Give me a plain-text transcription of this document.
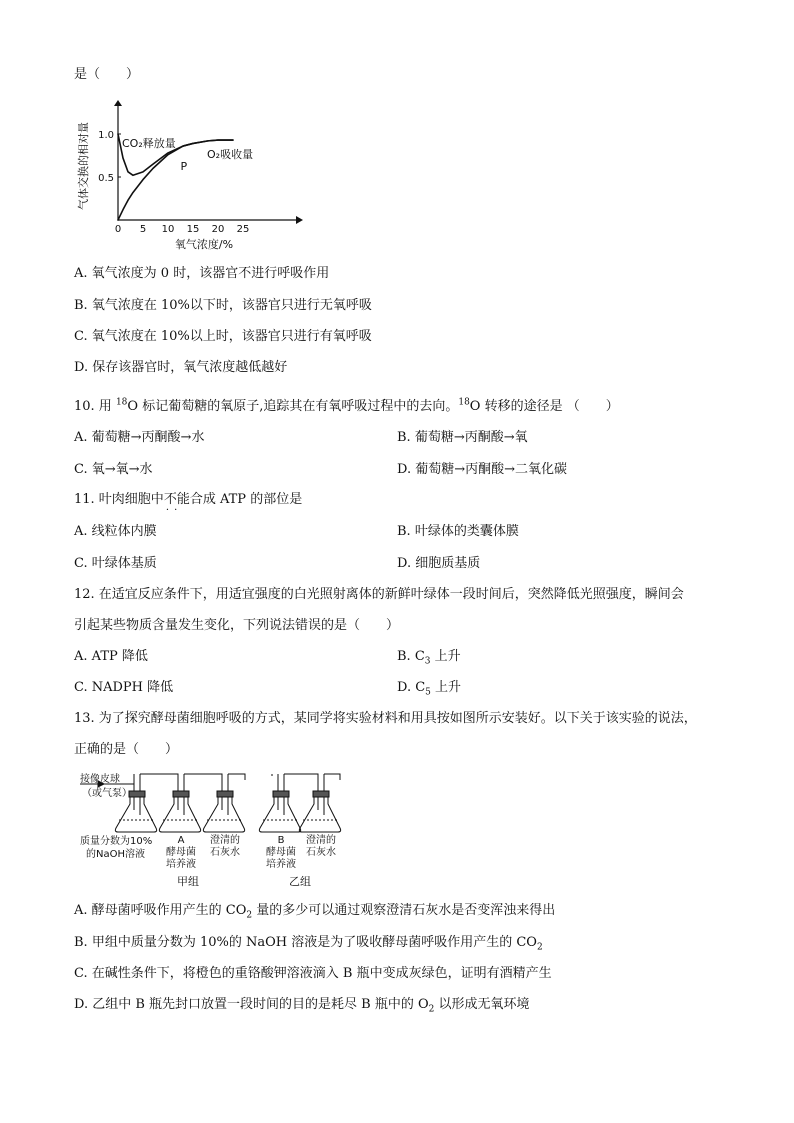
是（　　）
0 5 10 15 20 25
1.0
0.5
氧气浓度/%
气体交换的相对量	CO₂释放量
O₂吸收量
P
A. 氧气浓度为 0 时，该器官不进行呼吸作用
B. 氧气浓度在 10%以下时，该器官只进行无氧呼吸
C. 氧气浓度在 10%以上时，该器官只进行有氧呼吸
D. 保存该器官时，氧气浓度越低越好
10. 用 $^{18}$O 标记葡萄糖的氧原子,追踪其在有氧呼吸过程中的去向。$^{18}$O 转移的途径是 （　　）
A. 葡萄糖→丙酮酸→水	B. 葡萄糖→丙酮酸→氧
C. 氧→氧→水	D. 葡萄糖→丙酮酸→二氧化碳
11. 叶肉细胞中不能 · ·合成 ATP 的部位是
A. 线粒体内膜	B. 叶绿体的类囊体膜
C. 叶绿体基质	D. 细胞质基质
12. 在适宜反应条件下，用适宜强度的白光照射离体的新鲜叶绿体一段时间后，突然降低光照强度，瞬间会
引起某些物质含量发生变化，下列说法错误的是（　　）
A. ATP 降低	B. $C_3$ 上升
C. NADPH 降低	D. $C_5$ 上升
13. 为了探究酵母菌细胞呼吸的方式，某同学将实验材料和用具按如图所示安装好。以下关于该实验的说法，
正确的是（　　）
接像皮球
（或气泵）
质量分数为10%
的NaOH溶液
A
酵母菌
培养液
澄清的
石灰水
B
酵母菌
培养液
澄清的
石灰水
甲组	乙组
A. 酵母菌呼吸作用产生的 $CO_2$ 量的多少可以通过观察澄清石灰水是否变浑浊来得出
B. 甲组中质量分数为 10%的 NaOH 溶液是为了吸收酵母菌呼吸作用产生的 $CO_2$
C. 在碱性条件下，将橙色的重铬酸钾溶液滴入 B 瓶中变成灰绿色，证明有酒精产生
D. 乙组中 B 瓶先封口放置一段时间的目的是耗尽 B 瓶中的 $O_2$ 以形成无氧环境
